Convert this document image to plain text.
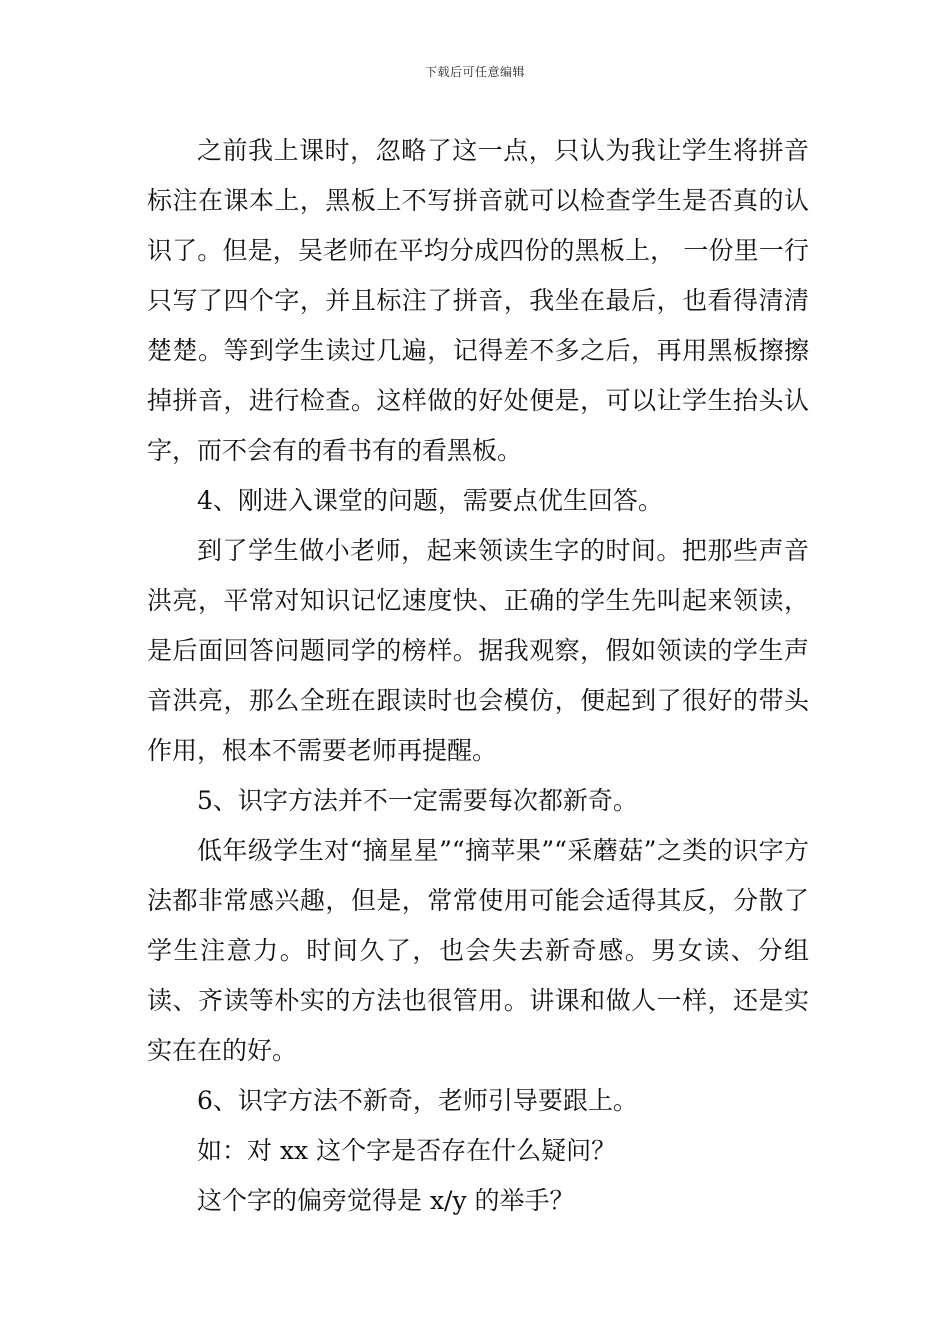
下载后可任意编辑

之前我上课时，忽略了这一点，只认为我让学生将拼音标注在课本上，黑板上不写拼音就可以检查学生是否真的认识了。但是，吴老师在平均分成四份的黑板上， 一份里一行只写了四个字，并且标注了拼音，我坐在最后，也看得清清楚楚。等到学生读过几遍，记得差不多之后，再用黑板擦擦掉拼音，进行检查。这样做的好处便是，可以让学生抬头认字，而不会有的看书有的看黑板。

4、刚进入课堂的问题，需要点优生回答。

到了学生做小老师，起来领读生字的时间。把那些声音洪亮，平常对知识记忆速度快、正确的学生先叫起来领读，是后面回答问题同学的榜样。据我观察，假如领读的学生声音洪亮，那么全班在跟读时也会模仿，便起到了很好的带头作用，根本不需要老师再提醒。

5、识字方法并不一定需要每次都新奇。

低年级学生对“摘星星”“摘苹果”“采蘑菇”之类的识字方法都非常感兴趣，但是，常常使用可能会适得其反，分散了学生注意力。时间久了，也会失去新奇感。男女读、分组读、齐读等朴实的方法也很管用。讲课和做人一样，还是实实在在的好。

6、识字方法不新奇，老师引导要跟上。

如：对 xx 这个字是否存在什么疑问？

这个字的偏旁觉得是 x/y 的举手？
